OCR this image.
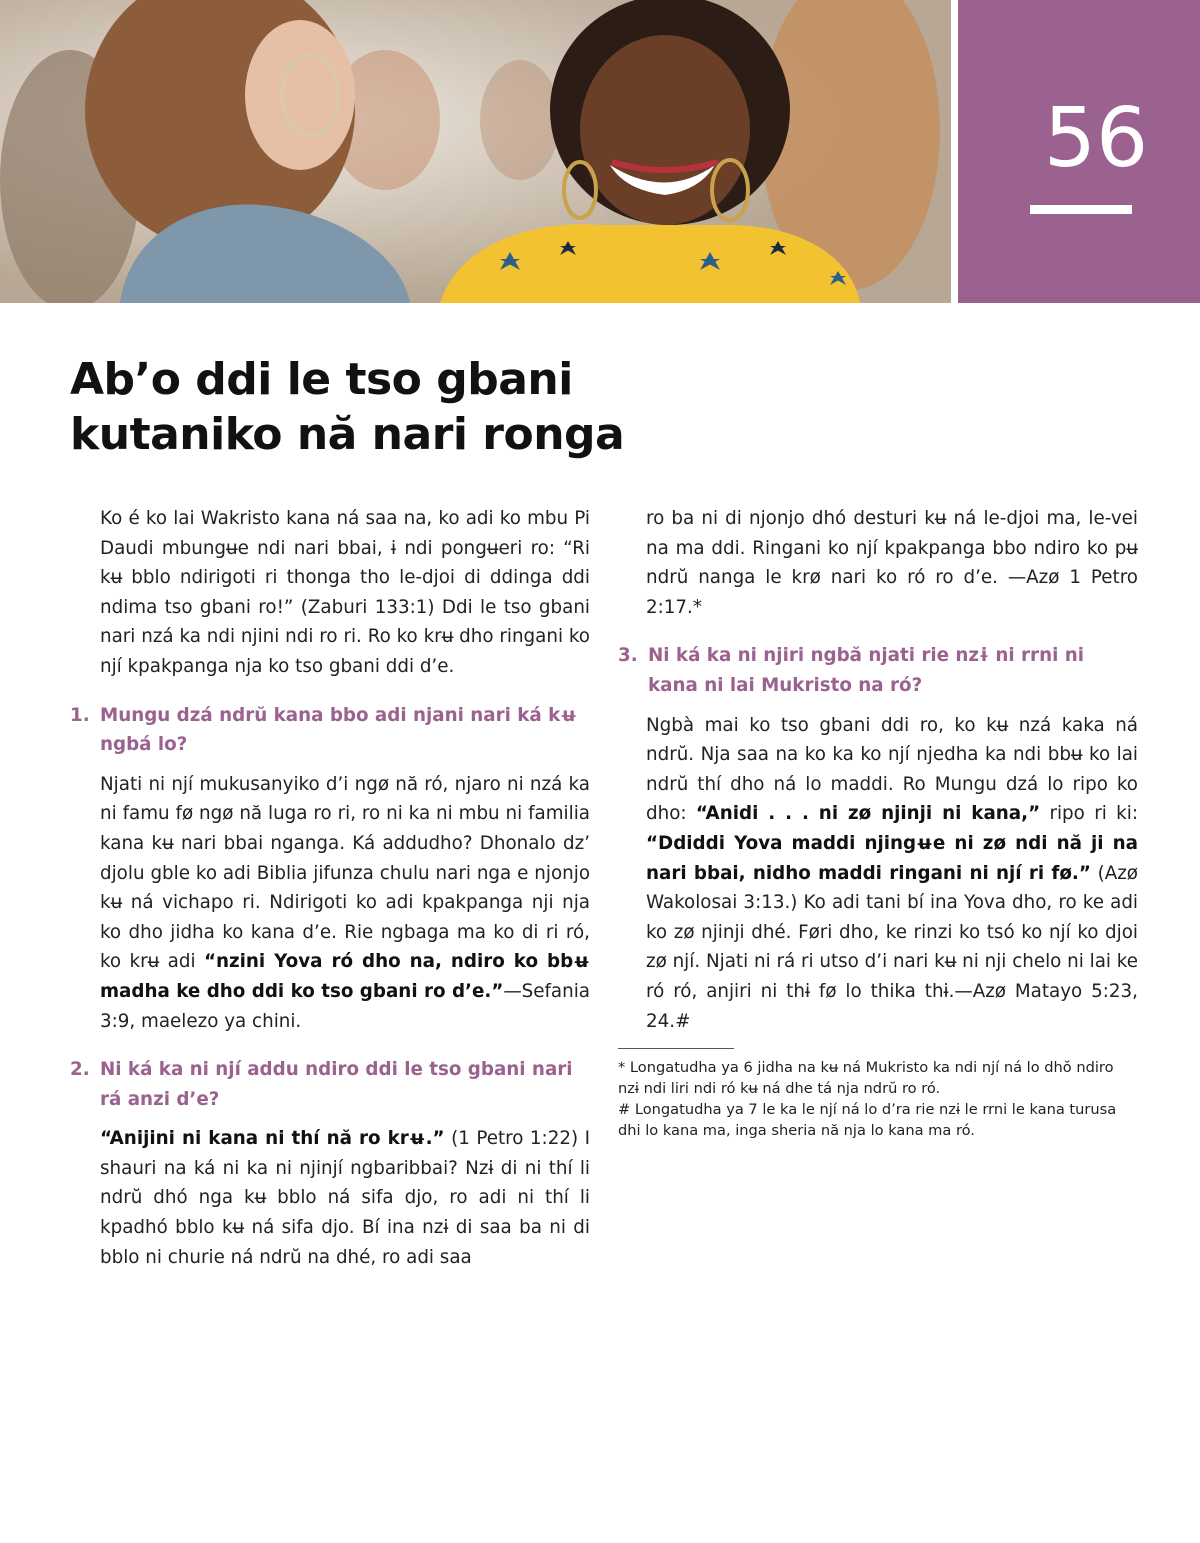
56
Ab’o ddi le tso gbani
kutaniko nă nari ronga

Ko é ko lai Wakristo kana ná saa na, ko adi ko mbu Pi Daudi mbungʉe ndi nari bbai, ɨ ndi pongʉeri ro: “Ri kʉ bblo ndirigoti ri thonga tho le-djoi di ddinga ddi ndima tso gbani ro!” (Zaburi 133:1) Ddi le tso gbani nari nzá ka ndi njini ndi ro ri. Ro ko krʉ dho ringani ko njí kpakpanga nja ko tso gbani ddi d’e.

1. Mungu dzá ndrŭ kana bbo adi njani nari ká kʉ ngbá lo?

Njati ni njí mukusanyiko d’i ngø nă ró, njaro ni nzá ka ni famu fø ngø nă luga ro ri, ro ni ka ni mbu ni familia kana kʉ nari bbai nganga. Ká addudho? Dhonalo dz’ djolu gble ko adi Biblia jifunza chulu nari nga e njonjo kʉ ná vichapo ri. Ndirigoti ko adi kpakpanga nji nja ko dho jidha ko kana d’e. Rie ngbaga ma ko di ri ró, ko krʉ adi “nzini Yova ró dho na, ndiro ko bbʉ madha ke dho ddi ko tso gbani ro d’e.”—Sefania 3:9, maelezo ya chini.

2. Ni ká ka ni njí addu ndiro ddi le tso gbani nari rá anzi d’e?

“Anijini ni kana ni thí nă ro krʉ.” (1 Petro 1:22) I shauri na ká ni ka ni njinjí ngbaribbai? Nzɨ di ni thí li ndrŭ dhó nga kʉ bblo ná sifa djo, ro adi ni thí li kpadhó bblo kʉ ná sifa djo. Bí ina nzɨ di saa ba ni di bblo ni churie ná ndrŭ na dhé, ro adi saa

ro ba ni di njonjo dhó desturi kʉ ná le-djoi ma, le-vei na ma ddi. Ringani ko njí kpakpanga bbo ndiro ko pʉ ndrŭ nanga le krø nari ko ró ro d’e. —Azø 1 Petro 2:17.*

3. Ni ká ka ni njiri ngbă njati rie nzɨ ni rrni ni kana ni lai Mukristo na ró?

Ngbà mai ko tso gbani ddi ro, ko kʉ nzá kaka ná ndrŭ. Nja saa na ko ka ko njí njedha ka ndi bbʉ ko lai ndrŭ thí dho ná lo maddi. Ro Mungu dzá lo ripo ko dho: “Anidi . . . ni zø njinji ni kana,” ripo ri ki: “Ddiddi Yova maddi njingʉe ni zø ndi nă ji na nari bbai, nidho maddi ringani ni njí ri fø.” (Azø Wakolosai 3:13.) Ko adi tani bí ina Yova dho, ro ke adi ko zø njinji dhé. Føri dho, ke rinzi ko tsó ko njí ko djoi zø njí. Njati ni rá ri utso d’i nari kʉ ni nji chelo ni lai ke ró ró, anjiri ni thɨ fø lo thika thɨ.—Azø Matayo 5:23, 24.#

* Longatudha ya 6 jidha na kʉ ná Mukristo ka ndi njí ná lo dhŏ ndiro nzɨ ndi liri ndi ró kʉ ná dhe tá nja ndrŭ ro ró.

# Longatudha ya 7 le ka le njí ná lo d’ra rie nzɨ le rrni le kana turusa dhi lo kana ma, inga sheria nă nja lo kana ma ró.
